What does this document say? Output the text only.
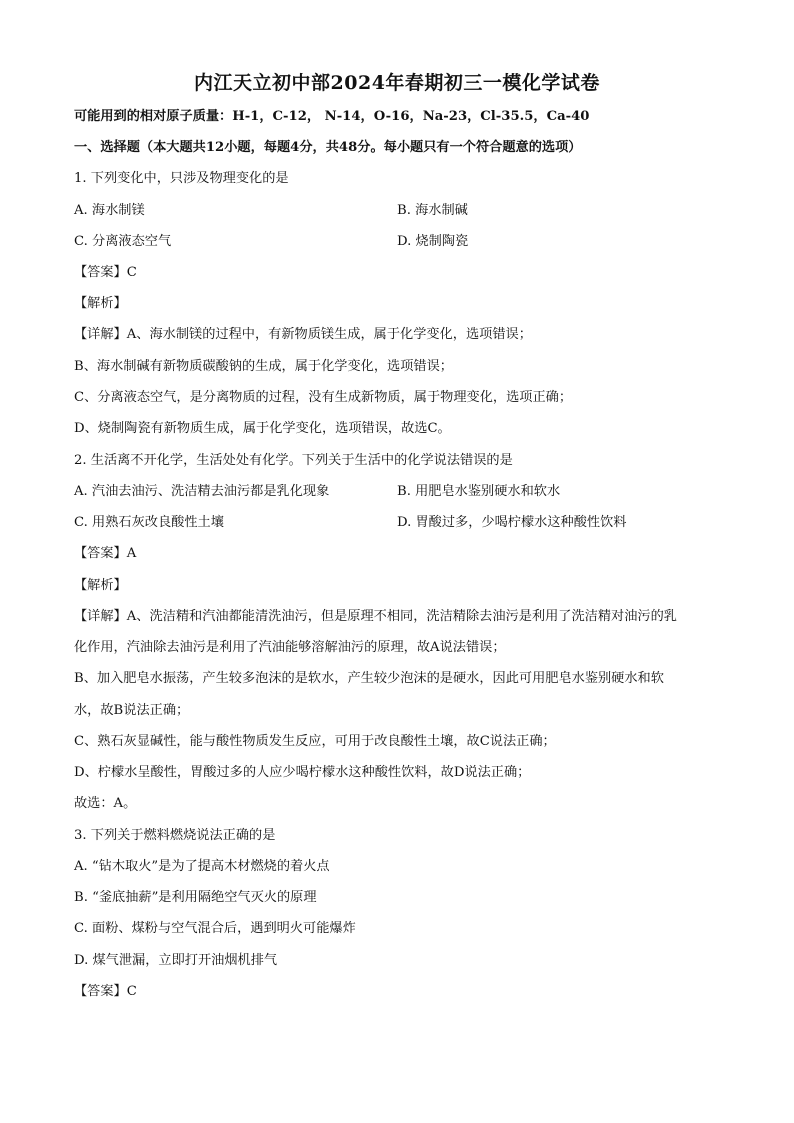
内江天立初中部2024年春期初三一模化学试卷
可能用到的相对原子质量：H-1，C-12， N-14，O-16，Na-23，Cl-35.5，Ca-40
一、选择题（本大题共12小题，每题4分，共48分。每小题只有一个符合题意的选项）
1. 下列变化中，只涉及物理变化的是
A. 海水制镁	B. 海水制碱
C. 分离液态空气	D. 烧制陶瓷
【答案】C
【解析】
【详解】A、海水制镁的过程中，有新物质镁生成，属于化学变化，选项错误；
B、海水制碱有新物质碳酸钠的生成，属于化学变化，选项错误；
C、分离液态空气，是分离物质的过程，没有生成新物质，属于物理变化，选项正确；
D、烧制陶瓷有新物质生成，属于化学变化，选项错误，故选C。
2. 生活离不开化学，生活处处有化学。下列关于生活中的化学说法错误的是
A. 汽油去油污、洗洁精去油污都是乳化现象	B. 用肥皂水鉴别硬水和软水
C. 用熟石灰改良酸性土壤	D. 胃酸过多，少喝柠檬水这种酸性饮料
【答案】A
【解析】
【详解】A、洗洁精和汽油都能清洗油污，但是原理不相同，洗洁精除去油污是利用了洗洁精对油污的乳
化作用，汽油除去油污是利用了汽油能够溶解油污的原理，故A说法错误；
B、加入肥皂水振荡，产生较多泡沫的是软水，产生较少泡沫的是硬水，因此可用肥皂水鉴别硬水和软
水，故B说法正确；
C、熟石灰显碱性，能与酸性物质发生反应，可用于改良酸性土壤，故C说法正确；
D、柠檬水呈酸性，胃酸过多的人应少喝柠檬水这种酸性饮料，故D说法正确；
故选：A。
3. 下列关于燃料燃烧说法正确的是
A. “钻木取火”是为了提高木材燃烧的着火点
B. “釜底抽薪”是利用隔绝空气灭火的原理
C. 面粉、煤粉与空气混合后，遇到明火可能爆炸
D. 煤气泄漏，立即打开油烟机排气
【答案】C
